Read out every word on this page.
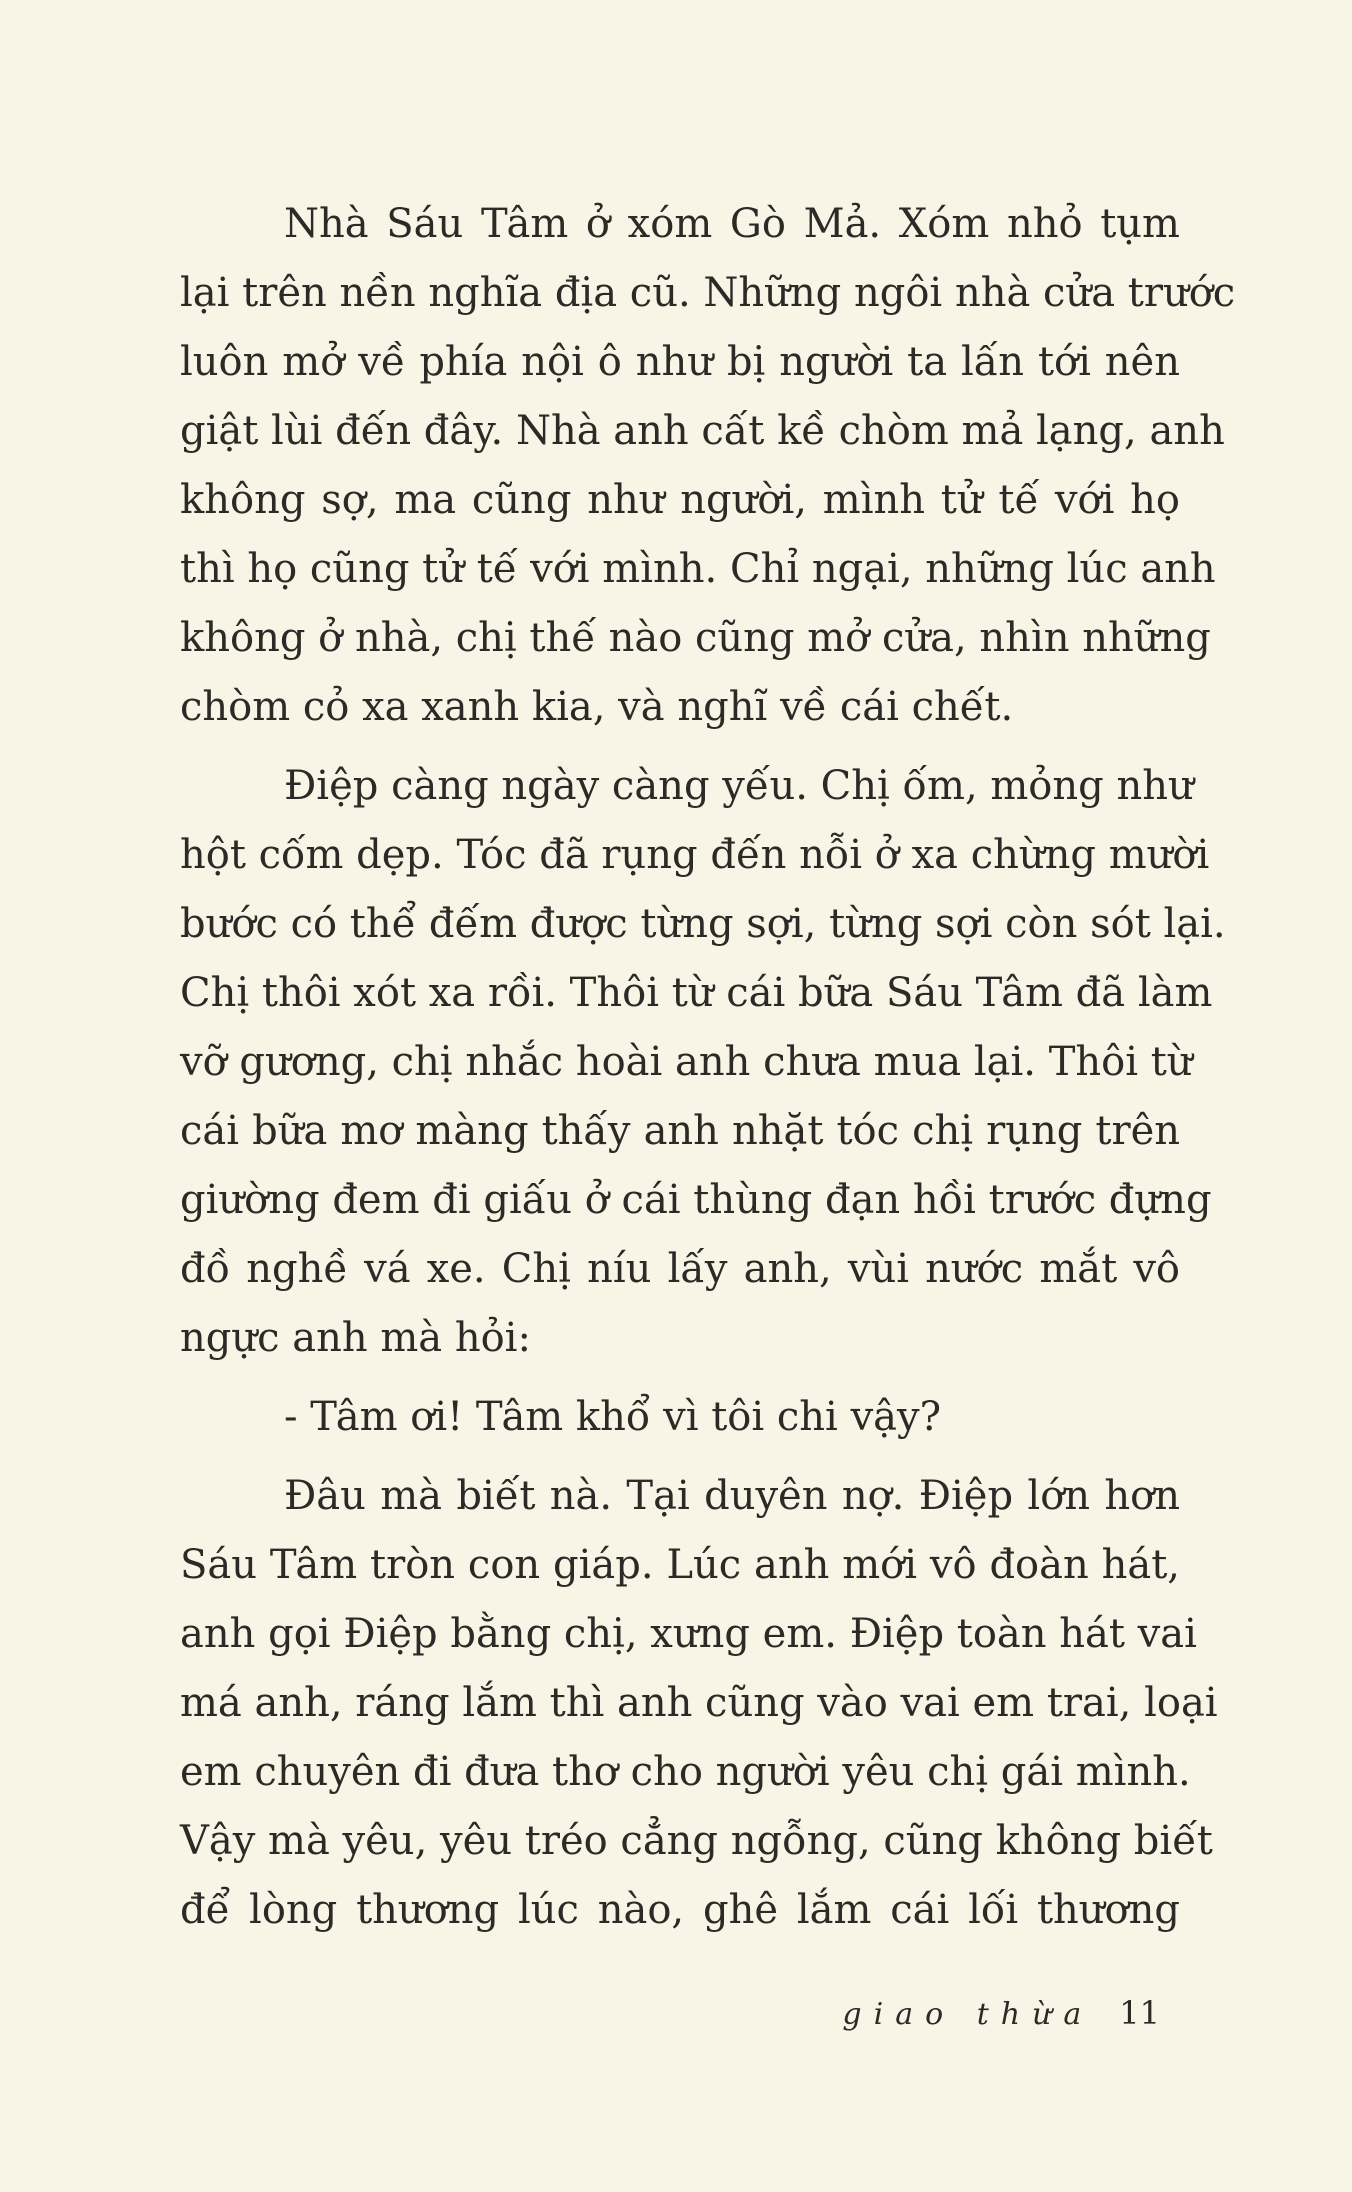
Nhà Sáu Tâm ở xóm Gò Mả. Xóm nhỏ tụm
lại trên nền nghĩa địa cũ. Những ngôi nhà cửa trước
luôn mở về phía nội ô như bị người ta lấn tới nên
giật lùi đến đây. Nhà anh cất kề chòm mả lạng, anh
không sợ, ma cũng như người, mình tử tế với họ
thì họ cũng tử tế với mình. Chỉ ngại, những lúc anh
không ở nhà, chị thế nào cũng mở cửa, nhìn những
chòm cỏ xa xanh kia, và nghĩ về cái chết.
Điệp càng ngày càng yếu. Chị ốm, mỏng như
hột cốm dẹp. Tóc đã rụng đến nỗi ở xa chừng mười
bước có thể đếm được từng sợi, từng sợi còn sót lại.
Chị thôi xót xa rồi. Thôi từ cái bữa Sáu Tâm đã làm
vỡ gương, chị nhắc hoài anh chưa mua lại. Thôi từ
cái bữa mơ màng thấy anh nhặt tóc chị rụng trên
giường đem đi giấu ở cái thùng đạn hồi trước đựng
đồ nghề vá xe. Chị níu lấy anh, vùi nước mắt vô
ngực anh mà hỏi:
- Tâm ơi! Tâm khổ vì tôi chi vậy?
Đâu mà biết nà. Tại duyên nợ. Điệp lớn hơn
Sáu Tâm tròn con giáp. Lúc anh mới vô đoàn hát,
anh gọi Điệp bằng chị, xưng em. Điệp toàn hát vai
má anh, ráng lắm thì anh cũng vào vai em trai, loại
em chuyên đi đưa thơ cho người yêu chị gái mình.
Vậy mà yêu, yêu tréo cẳng ngỗng, cũng không biết
để lòng thương lúc nào, ghê lắm cái lối thương
giao thừa 11
